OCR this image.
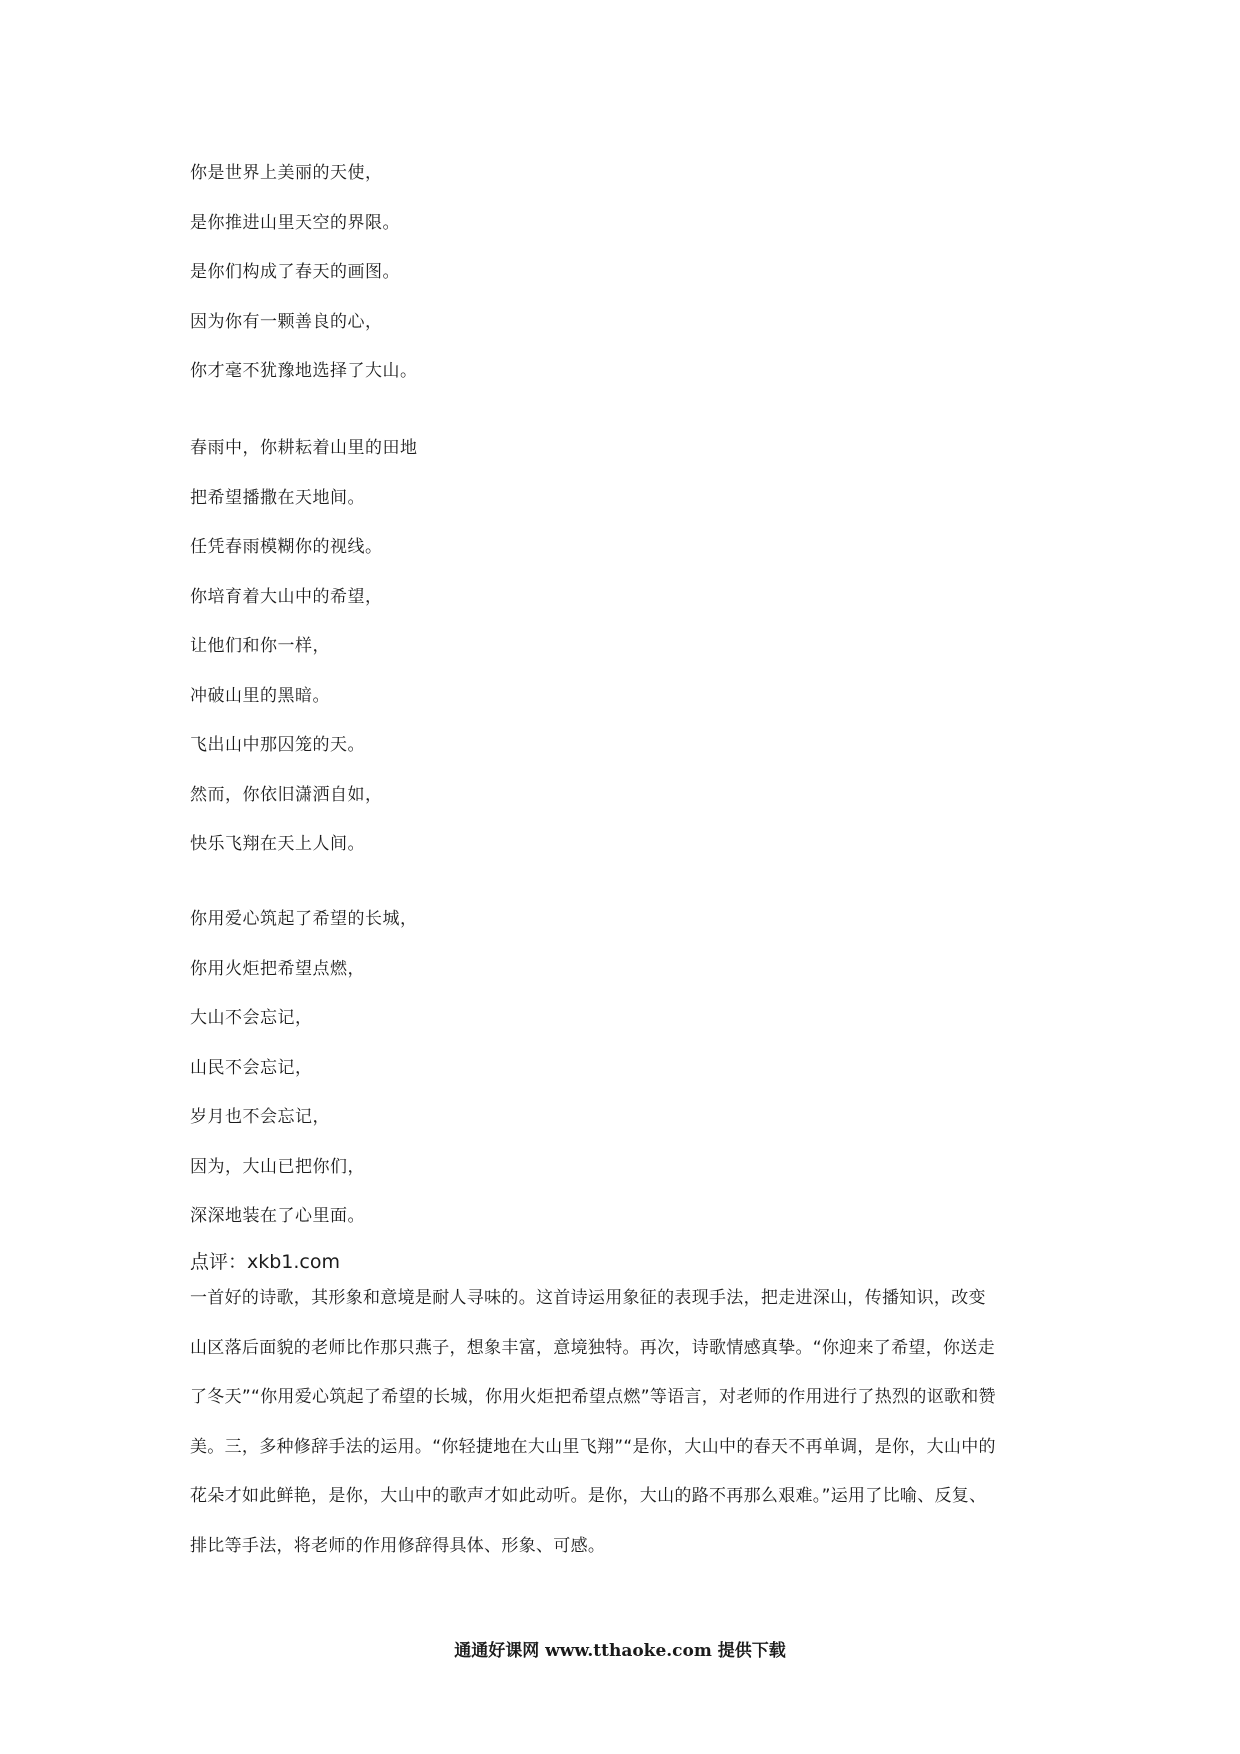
你是世界上美丽的天使，
是你推进山里天空的界限。
是你们构成了春天的画图。
因为你有一颗善良的心，
你才毫不犹豫地选择了大山。
春雨中，你耕耘着山里的田地
把希望播撒在天地间。
任凭春雨模糊你的视线。
你培育着大山中的希望，
让他们和你一样，
冲破山里的黑暗。
飞出山中那囚笼的天。
然而，你依旧潇洒自如，
快乐飞翔在天上人间。
你用爱心筑起了希望的长城，
你用火炬把希望点燃，
大山不会忘记，
山民不会忘记，
岁月也不会忘记，
因为，大山已把你们，
深深地装在了心里面。
点评：xkb1.com
一首好的诗歌，其形象和意境是耐人寻味的。这首诗运用象征的表现手法，把走进深山，传播知识，改变
山区落后面貌的老师比作那只燕子，想象丰富，意境独特。再次，诗歌情感真挚。“你迎来了希望，你送走
了冬天”“你用爱心筑起了希望的长城，你用火炬把希望点燃”等语言，对老师的作用进行了热烈的讴歌和赞
美。三，多种修辞手法的运用。“你轻捷地在大山里飞翔”“是你，大山中的春天不再单调，是你，大山中的
花朵才如此鲜艳，是你，大山中的歌声才如此动听。是你，大山的路不再那么艰难。”运用了比喻、反复、
排比等手法，将老师的作用修辞得具体、形象、可感。
通通好课网 www.tthaoke.com 提供下载
